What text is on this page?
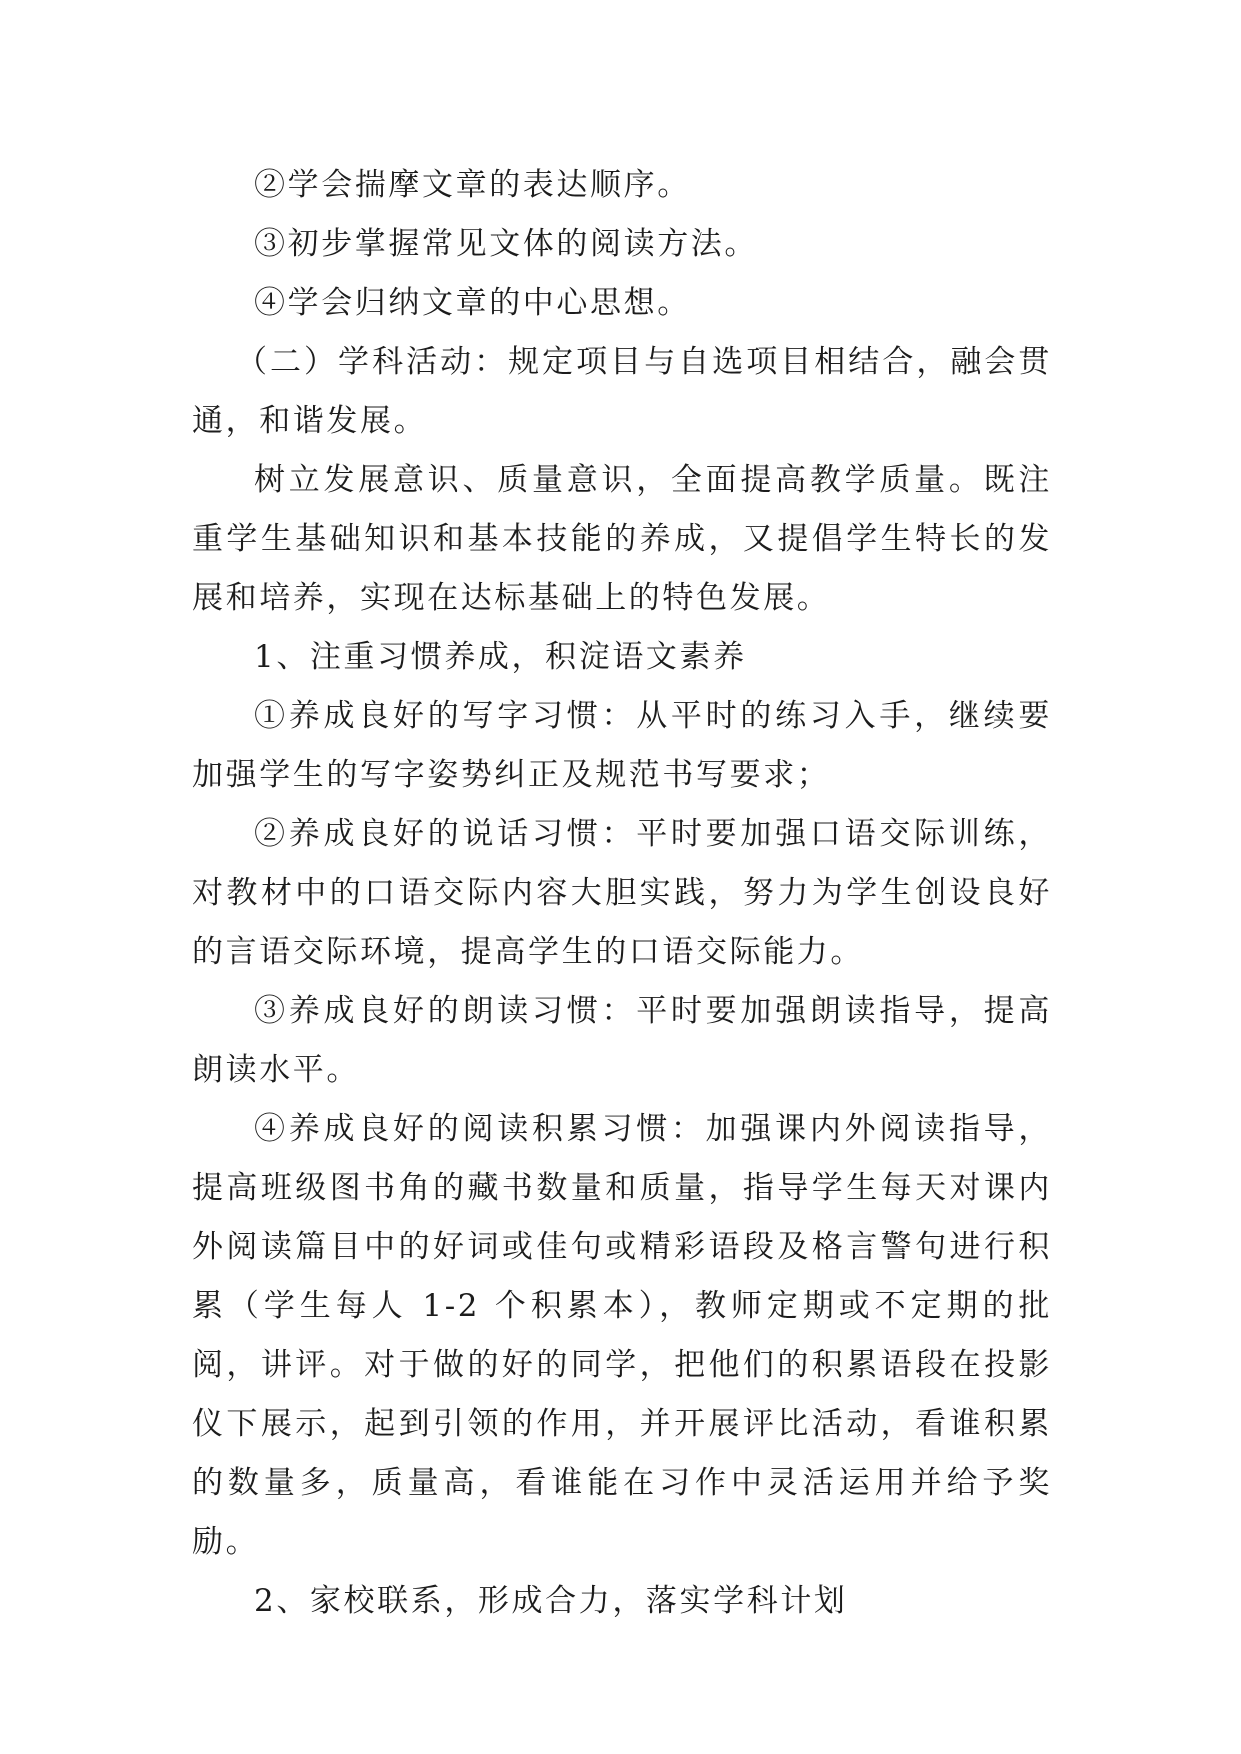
②学会揣摩文章的表达顺序。

③初步掌握常见文体的阅读方法。

④学会归纳文章的中心思想。

（二）学科活动：规定项目与自选项目相结合，融会贯通，和谐发展。

树立发展意识、质量意识，全面提高教学质量。既注重学生基础知识和基本技能的养成，又提倡学生特长的发展和培养，实现在达标基础上的特色发展。

1、注重习惯养成，积淀语文素养

①养成良好的写字习惯：从平时的练习入手，继续要加强学生的写字姿势纠正及规范书写要求；

②养成良好的说话习惯：平时要加强口语交际训练，对教材中的口语交际内容大胆实践，努力为学生创设良好的言语交际环境，提高学生的口语交际能力。

③养成良好的朗读习惯：平时要加强朗读指导，提高朗读水平。

④养成良好的阅读积累习惯：加强课内外阅读指导，提高班级图书角的藏书数量和质量，指导学生每天对课内外阅读篇目中的好词或佳句或精彩语段及格言警句进行积累（学生每人 1-2 个积累本），教师定期或不定期的批阅，讲评。对于做的好的同学，把他们的积累语段在投影仪下展示，起到引领的作用，并开展评比活动，看谁积累的数量多，质量高，看谁能在习作中灵活运用并给予奖励。

2、家校联系，形成合力，落实学科计划
